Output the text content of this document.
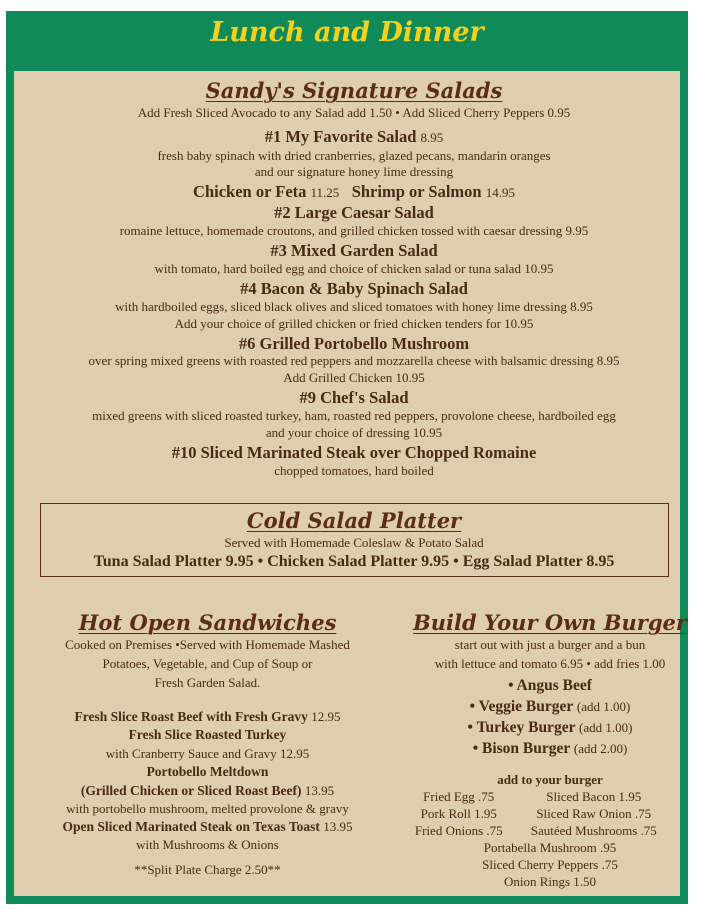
Lunch and Dinner
Sandy's Signature Salads
Add Fresh Sliced Avocado to any Salad add 1.50 • Add Sliced Cherry Peppers 0.95
#1 My Favorite Salad 8.95
fresh baby spinach with dried cranberries, glazed pecans, mandarin oranges
and our signature honey lime dressing
Chicken or Feta 11.25 Shrimp or Salmon 14.95
#2 Large Caesar Salad
romaine lettuce, homemade croutons, and grilled chicken tossed with caesar dressing 9.95
#3 Mixed Garden Salad
with tomato, hard boiled egg and choice of chicken salad or tuna salad 10.95
#4 Bacon & Baby Spinach Salad
with hardboiled eggs, sliced black olives and sliced tomatoes with honey lime dressing 8.95
Add your choice of grilled chicken or fried chicken tenders for 10.95
#6 Grilled Portobello Mushroom
over spring mixed greens with roasted red peppers and mozzarella cheese with balsamic dressing 8.95
Add Grilled Chicken 10.95
#9 Chef's Salad
mixed greens with sliced roasted turkey, ham, roasted red peppers, provolone cheese, hardboiled egg
and your choice of dressing 10.95
#10 Sliced Marinated Steak over Chopped Romaine
chopped tomatoes, hard boiled
Cold Salad Platter
Served with Homemade Coleslaw & Potato Salad
Tuna Salad Platter 9.95 • Chicken Salad Platter 9.95 • Egg Salad Platter 8.95
Hot Open Sandwiches
Cooked on Premises •Served with Homemade Mashed
Potatoes, Vegetable, and Cup of Soup or
Fresh Garden Salad.
Fresh Slice Roast Beef with Fresh Gravy 12.95
Fresh Slice Roasted Turkey
with Cranberry Sauce and Gravy 12.95
Portobello Meltdown
(Grilled Chicken or Sliced Roast Beef) 13.95
with portobello mushroom, melted provolone & gravy
Open Sliced Marinated Steak on Texas Toast 13.95
with Mushrooms & Onions
**Split Plate Charge 2.50**
Build Your Own Burger
start out with just a burger and a bun
with lettuce and tomato 6.95 • add fries 1.00
• Angus Beef
• Veggie Burger (add 1.00)
• Turkey Burger (add 1.00)
• Bison Burger (add 2.00)
add to your burger
Fried Egg .75	Sliced Bacon 1.95
Pork Roll 1.95	Sliced Raw Onion .75
Fried Onions .75	Sautéed Mushrooms .75
Portabella Mushroom .95
Sliced Cherry Peppers .75
Onion Rings 1.50
